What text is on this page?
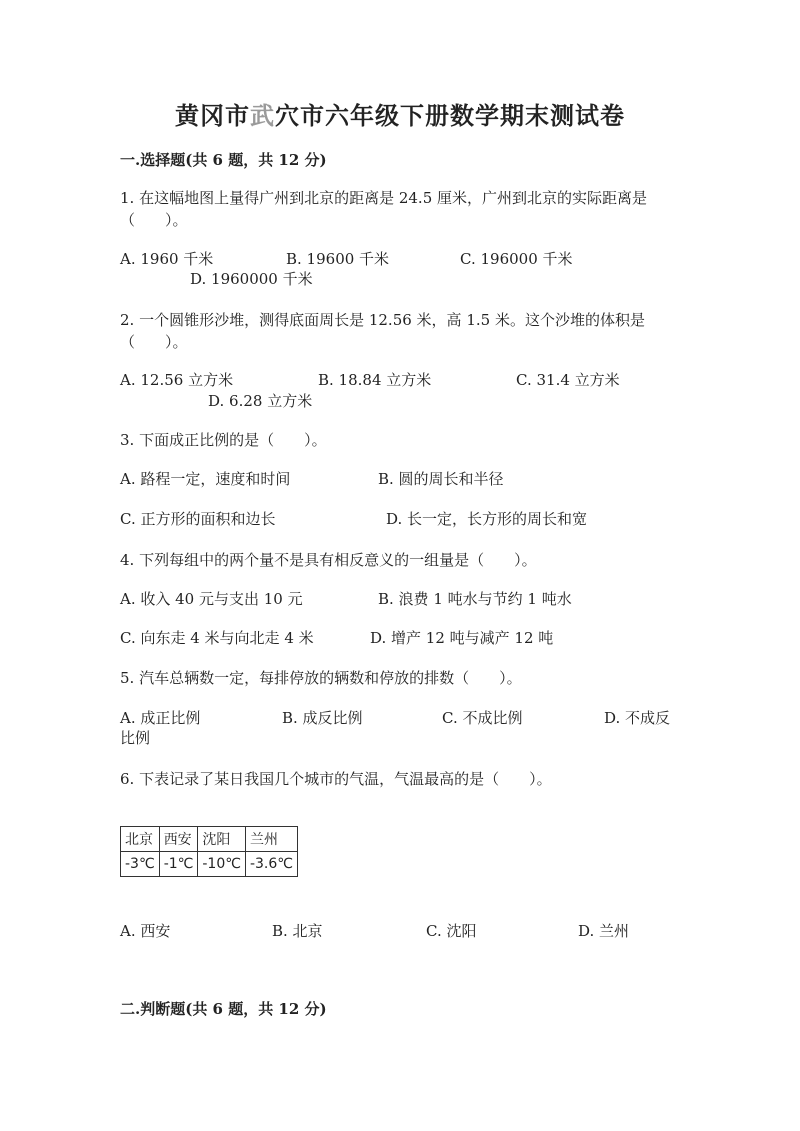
黄冈市武穴市六年级下册数学期末测试卷
一.选择题(共 6 题，共 12 分)
1. 在这幅地图上量得广州到北京的距离是 24.5 厘米，广州到北京的实际距离是
（　　）。
A. 1960 千米	B. 19600 千米	C. 196000 千米
D. 1960000 千米
2. 一个圆锥形沙堆，测得底面周长是 12.56 米，高 1.5 米。这个沙堆的体积是
（　　）。
A. 12.56 立方米	B. 18.84 立方米	C. 31.4 立方米
D. 6.28 立方米
3. 下面成正比例的是（　　）。
A. 路程一定，速度和时间	B. 圆的周长和半径
C. 正方形的面积和边长	D. 长一定，长方形的周长和宽
4. 下列每组中的两个量不是具有相反意义的一组量是（　　）。
A. 收入 40 元与支出 10 元	B. 浪费 1 吨水与节约 1 吨水
C. 向东走 4 米与向北走 4 米	D. 增产 12 吨与减产 12 吨
5. 汽车总辆数一定，每排停放的辆数和停放的排数（　　）。
A. 成正比例	B. 成反比例	C. 不成比例	D. 不成反
比例
6. 下表记录了某日我国几个城市的气温，气温最高的是（　　）。
北京	西安	沈阳	兰州
-3℃	-1℃	-10℃	-3.6℃
A. 西安	B. 北京	C. 沈阳	D. 兰州
二.判断题(共 6 题，共 12 分)
